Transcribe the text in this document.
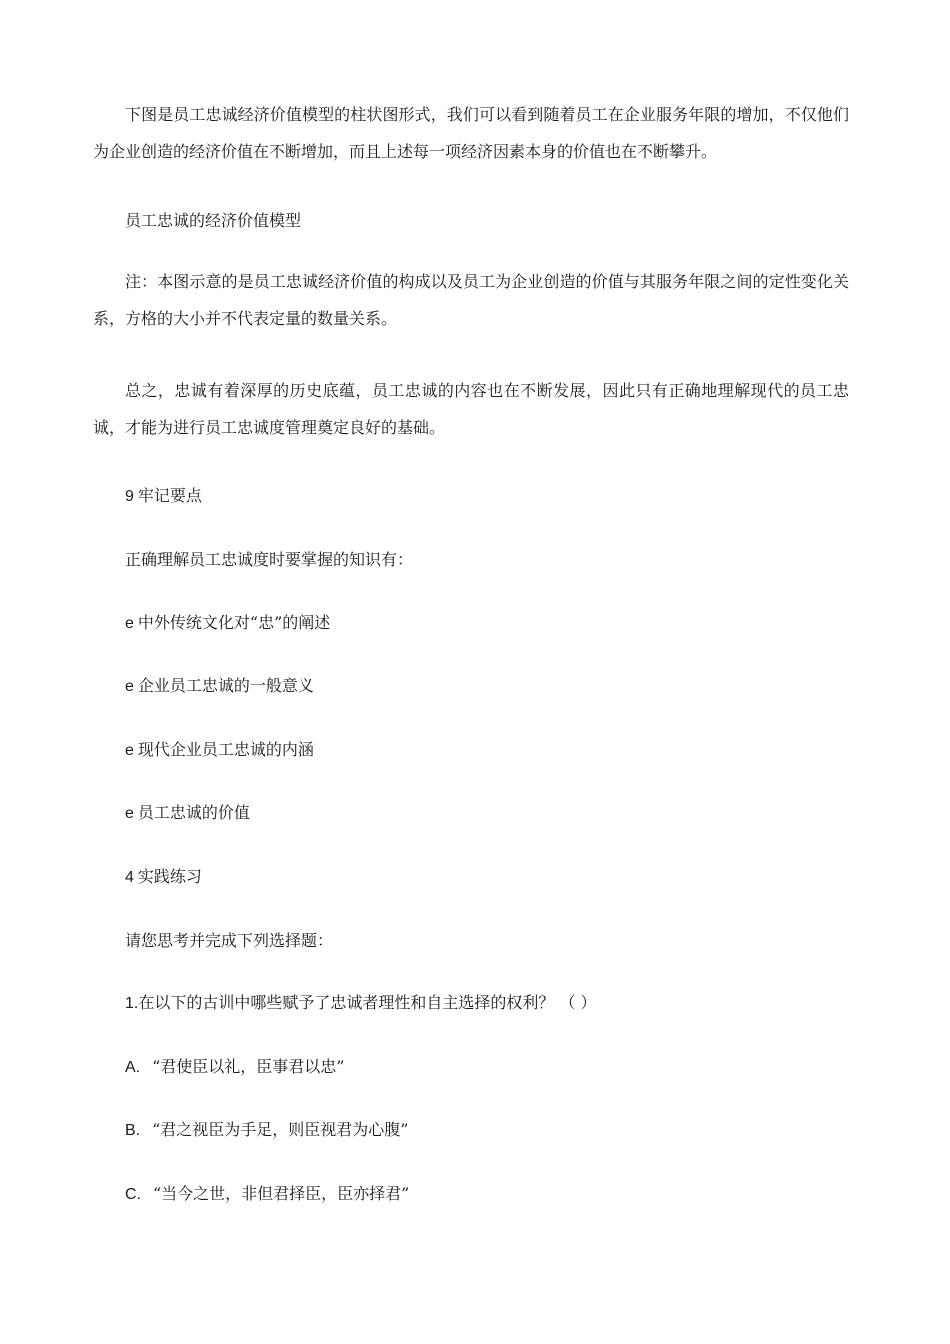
下图是员工忠诚经济价值模型的柱状图形式，我们可以看到随着员工在企业服务年限的增加，不仅他们为企业创造的经济价值在不断增加，而且上述每一项经济因素本身的价值也在不断攀升。

员工忠诚的经济价值模型

注：本图示意的是员工忠诚经济价值的构成以及员工为企业创造的价值与其服务年限之间的定性变化关系，方格的大小并不代表定量的数量关系。

总之，忠诚有着深厚的历史底蕴，员工忠诚的内容也在不断发展，因此只有正确地理解现代的员工忠诚，才能为进行员工忠诚度管理奠定良好的基础。

9 牢记要点
正确理解员工忠诚度时要掌握的知识有：
e 中外传统文化对“忠”的阐述
e 企业员工忠诚的一般意义
e 现代企业员工忠诚的内涵
e 员工忠诚的价值
4 实践练习
请您思考并完成下列选择题：
1.在以下的古训中哪些赋予了忠诚者理性和自主选择的权利？ （ ）
A. “君使臣以礼，臣事君以忠”
B. “君之视臣为手足，则臣视君为心腹”
C. “当今之世，非但君择臣，臣亦择君”
